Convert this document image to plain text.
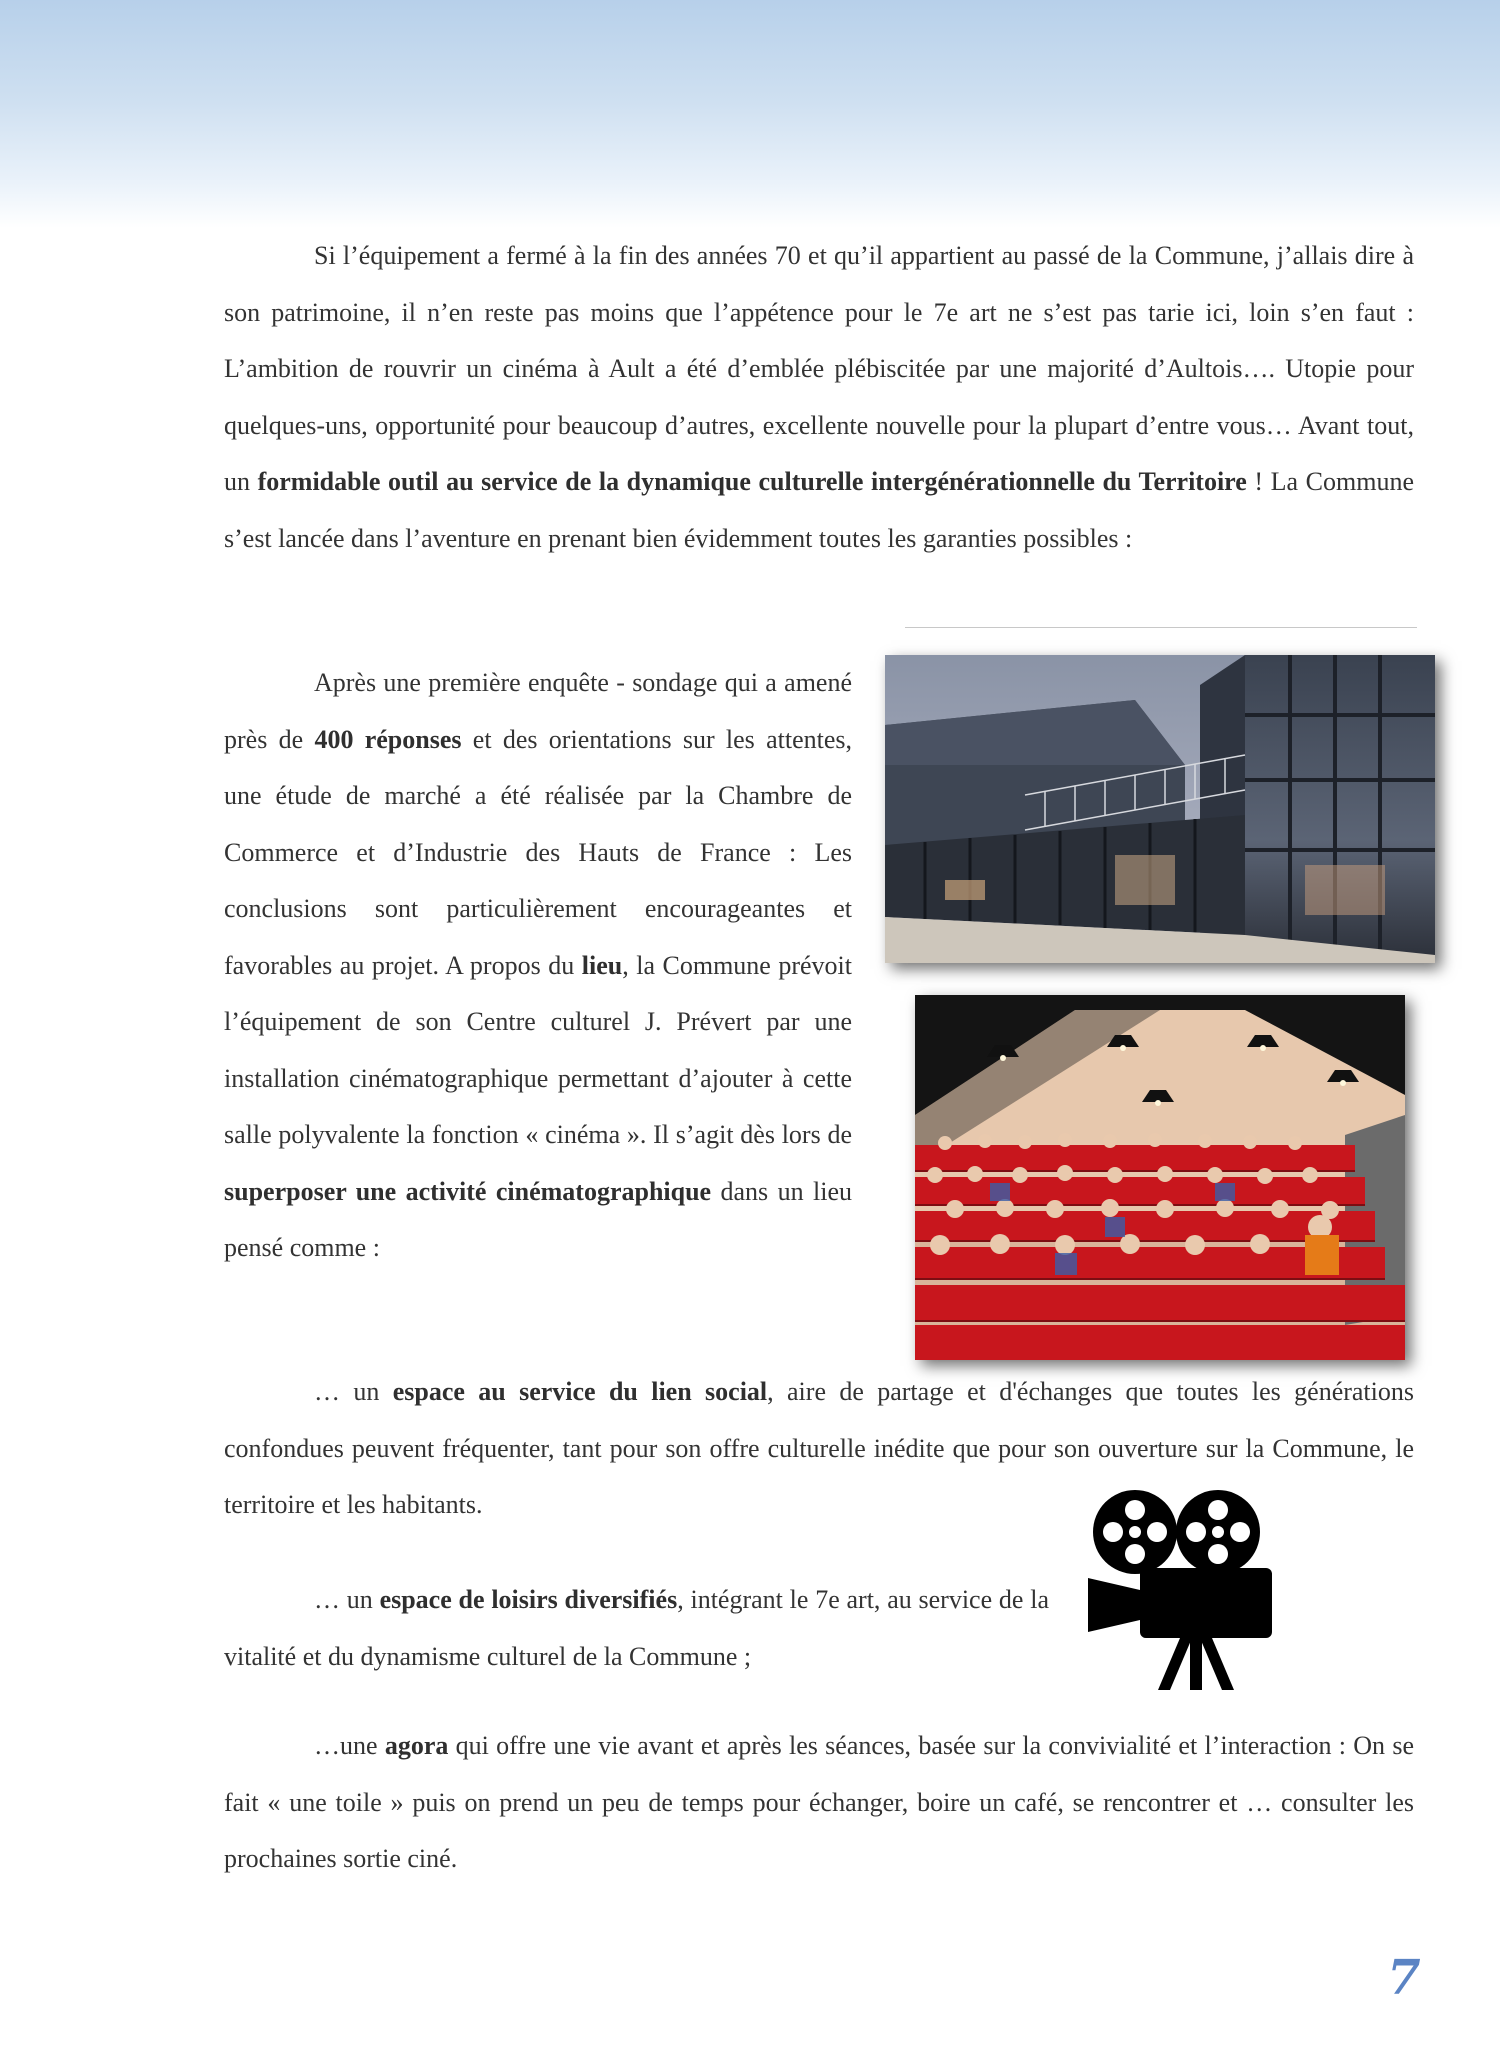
Si l’équipement a fermé à la fin des années 70 et qu’il appartient au passé de la Commune, j’allais dire à son patrimoine, il n’en reste pas moins que l’appétence pour le 7e art ne s’est pas tarie ici, loin s’en faut : L’ambition de rouvrir un cinéma à Ault a été d’emblée plébiscitée par une majorité d’Aultois…. Utopie pour quelques-uns, opportunité pour beaucoup d’autres, excellente nouvelle pour la plupart d’entre vous… Avant tout, un formidable outil au service de la dynamique culturelle intergénérationnelle du Territoire ! La Commune s’est lancée dans l’aventure en prenant bien évidemment toutes les garanties possibles :

Après une première enquête - sondage qui a amené près de 400 réponses et des orientations sur les attentes, une étude de marché a été réalisée par la Chambre de Commerce et d’Industrie des Hauts de France : Les conclusions sont particulièrement encourageantes et favorables au projet. A propos du lieu, la Commune prévoit l’équipement de son Centre culturel J. Prévert par une installation cinématographique permettant d’ajouter à cette salle polyvalente la fonction « cinéma ». Il s’agit dès lors de superposer une activité cinématographique dans un lieu pensé comme :

… un espace au service du lien social, aire de partage et d'échanges que toutes les générations confondues peuvent fréquenter, tant pour son offre culturelle inédite que pour son ouverture sur la Commune, le territoire et les habitants.

… un espace de loisirs diversifiés, intégrant le 7e art, au service de la vitalité et du dynamisme culturel de la Commune ;

…une agora qui offre une vie avant et après les séances, basée sur la convivialité et l’interaction : On se fait « une toile » puis on prend un peu de temps pour échanger, boire un café, se rencontrer et … consulter les prochaines sortie ciné.

7
